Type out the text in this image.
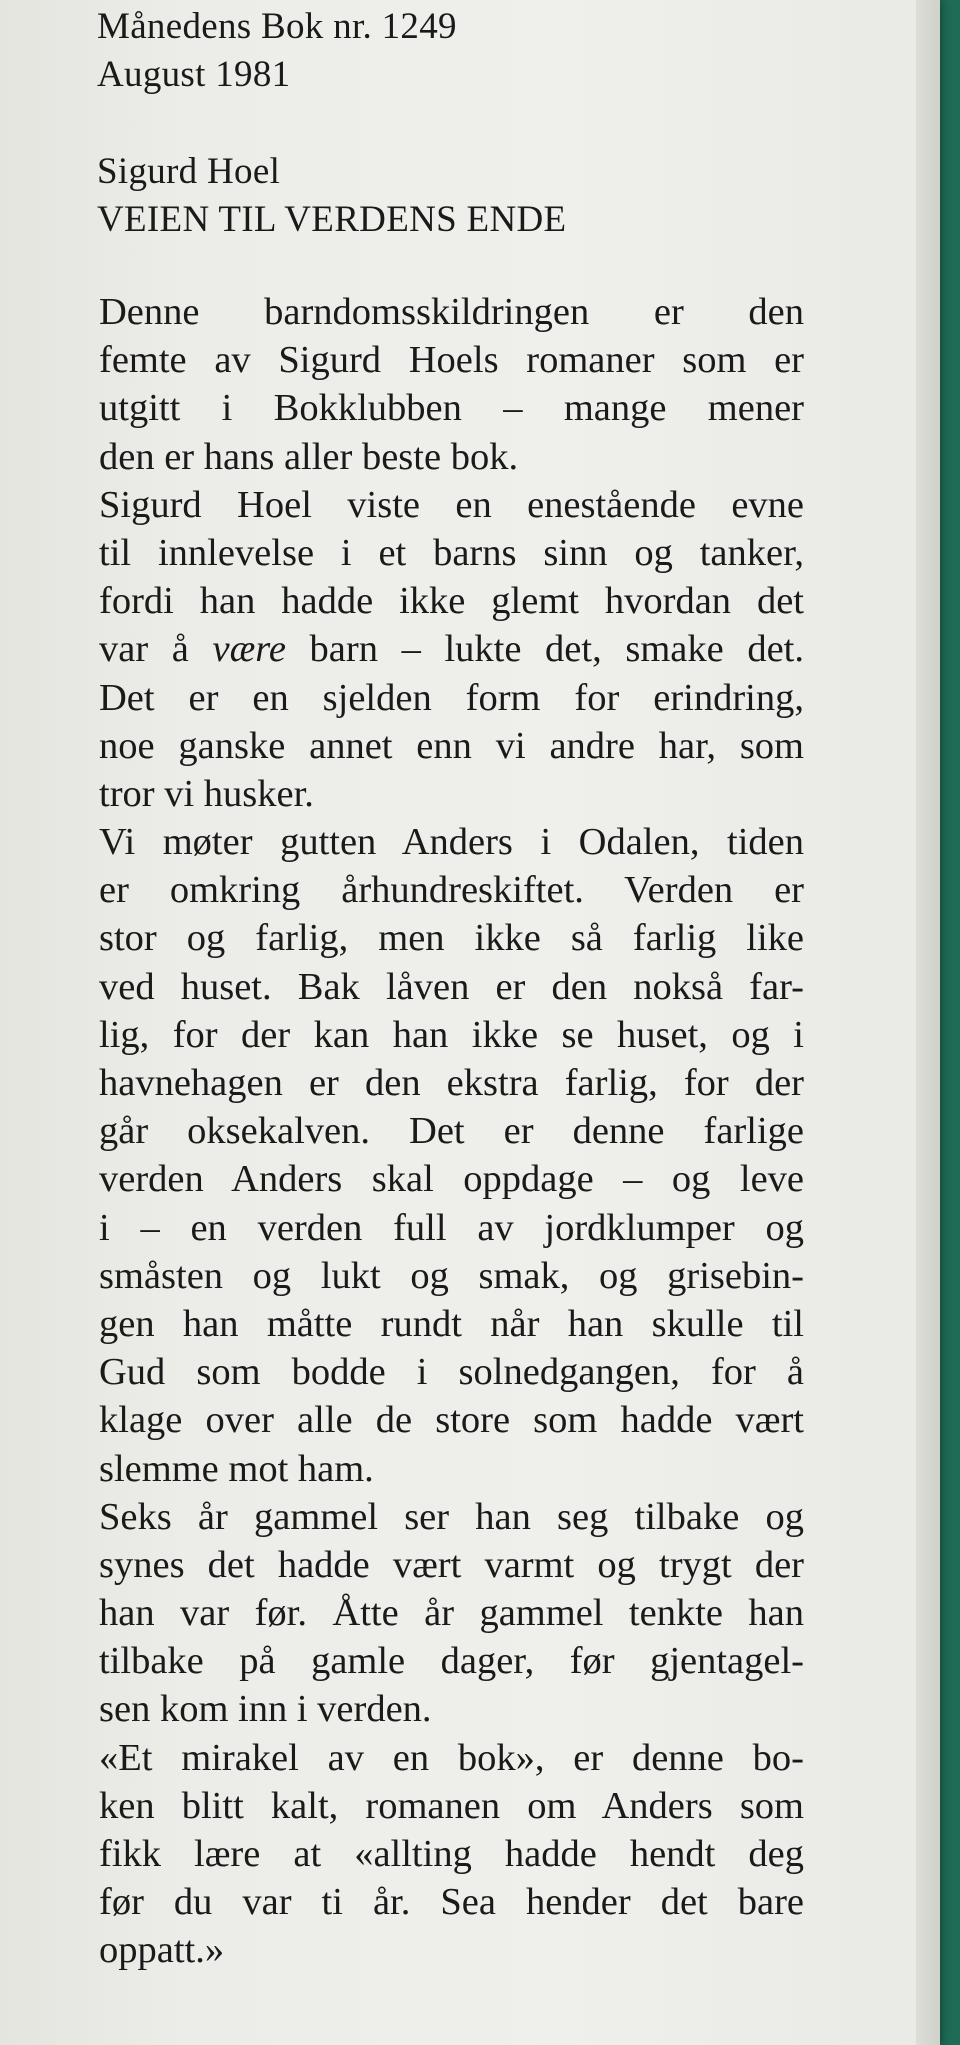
Månedens Bok nr. 1249
August 1981
Sigurd Hoel
VEIEN TIL VERDENS ENDE
Denne barndomsskildringen er den
femte av Sigurd Hoels romaner som er
utgitt i Bokklubben – mange mener
den er hans aller beste bok.
Sigurd Hoel viste en enestående evne
til innlevelse i et barns sinn og tanker,
fordi han hadde ikke glemt hvordan det
var å være barn – lukte det, smake det.
Det er en sjelden form for erindring,
noe ganske annet enn vi andre har, som
tror vi husker.
Vi møter gutten Anders i Odalen, tiden
er omkring århundreskiftet. Verden er
stor og farlig, men ikke så farlig like
ved huset. Bak låven er den nokså far-
lig, for der kan han ikke se huset, og i
havnehagen er den ekstra farlig, for der
går oksekalven. Det er denne farlige
verden Anders skal oppdage – og leve
i – en verden full av jordklumper og
småsten og lukt og smak, og grisebin-
gen han måtte rundt når han skulle til
Gud som bodde i solnedgangen, for å
klage over alle de store som hadde vært
slemme mot ham.
Seks år gammel ser han seg tilbake og
synes det hadde vært varmt og trygt der
han var før. Åtte år gammel tenkte han
tilbake på gamle dager, før gjentagel-
sen kom inn i verden.
«Et mirakel av en bok», er denne bo-
ken blitt kalt, romanen om Anders som
fikk lære at «allting hadde hendt deg
før du var ti år. Sea hender det bare
oppatt.»
